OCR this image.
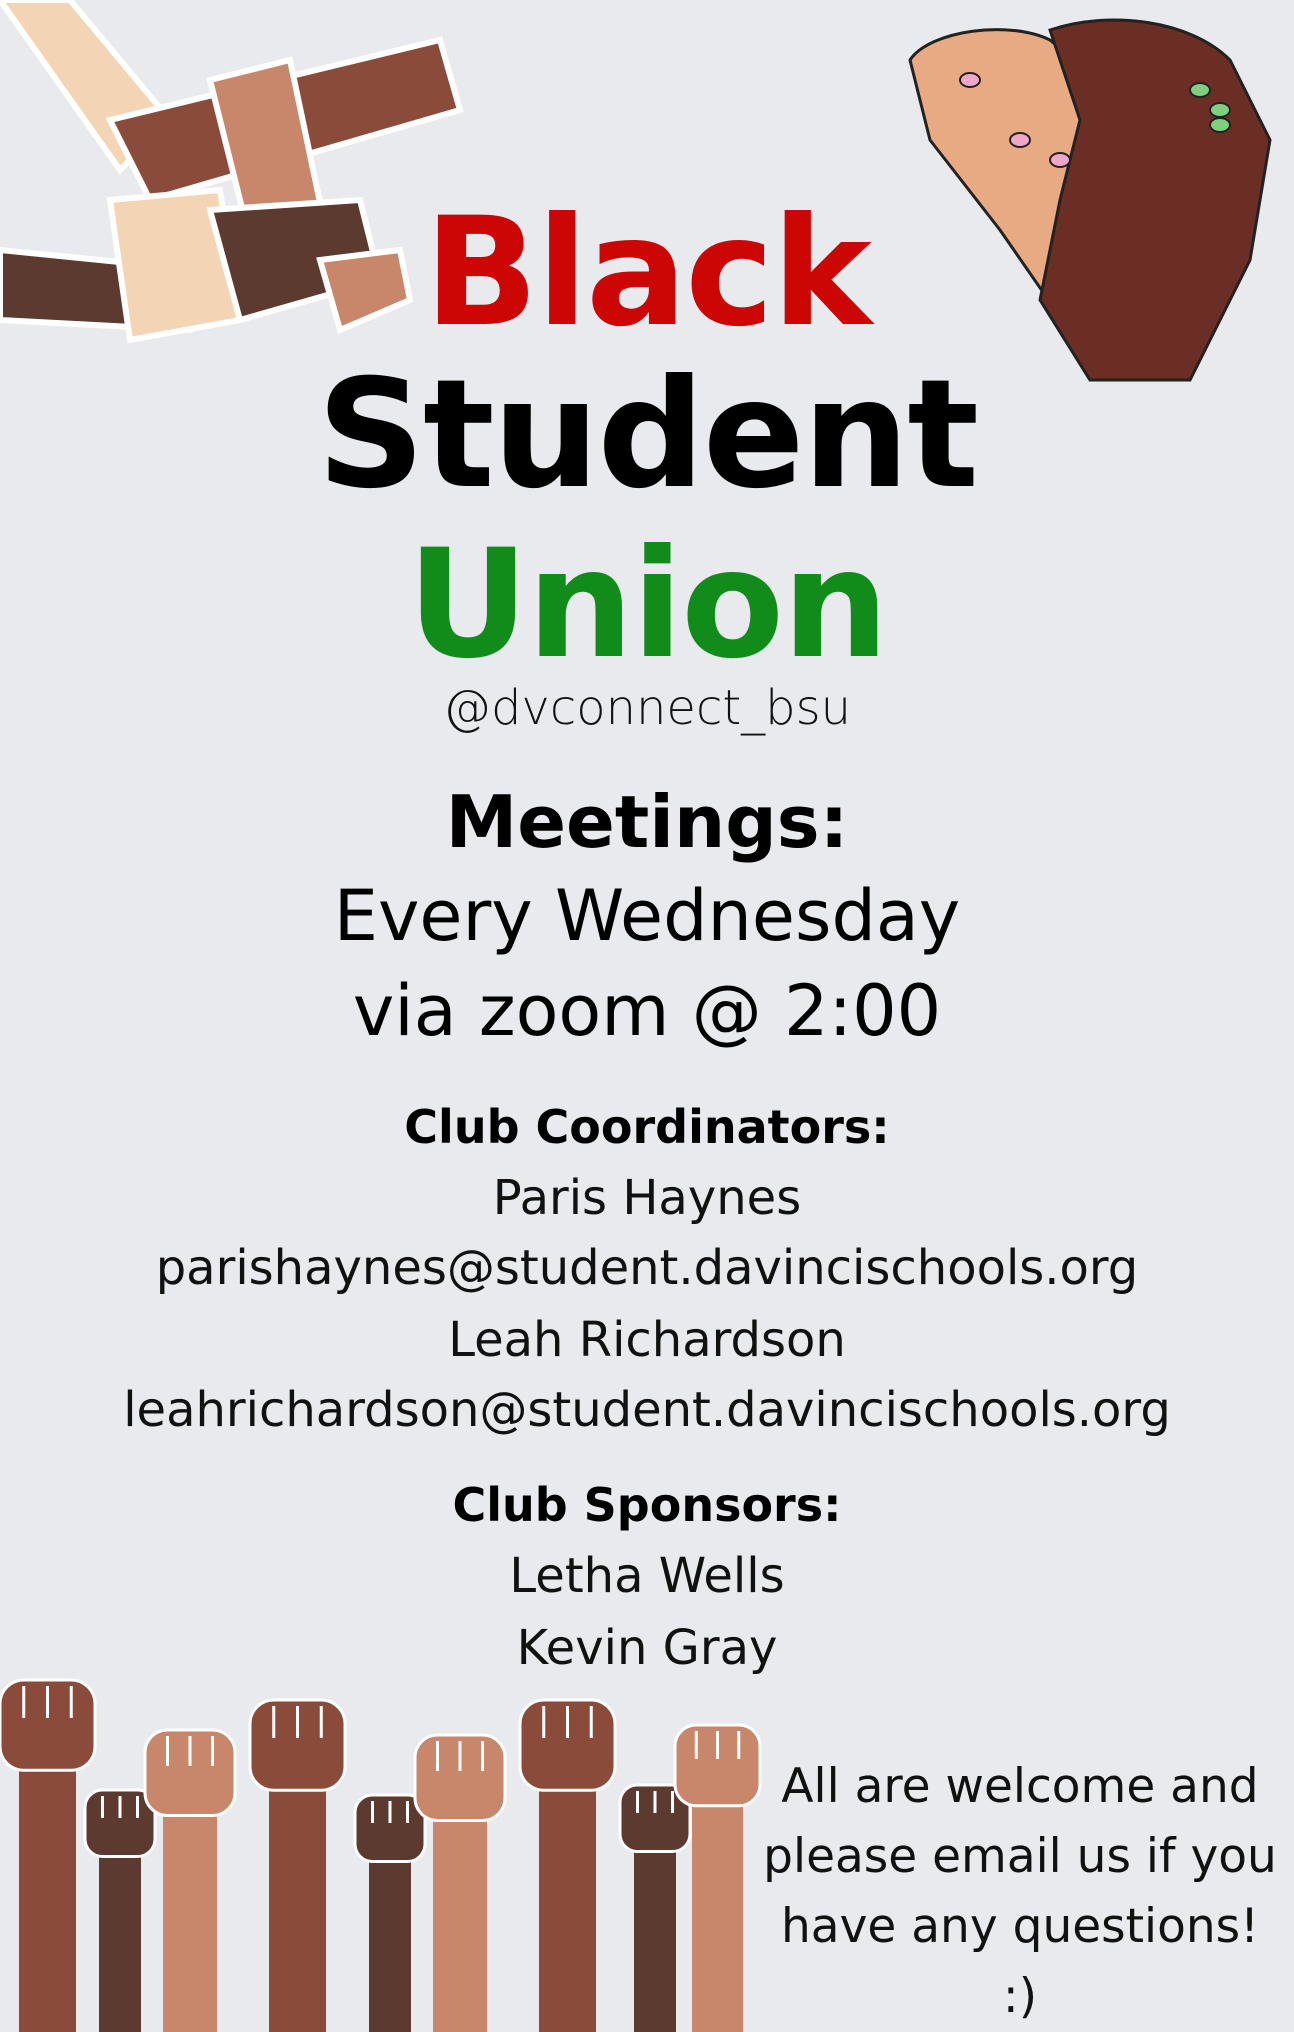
Black
Student
Union
@dvconnect_bsu
Meetings:
Every Wednesday
via zoom @ 2:00
Club Coordinators:
Paris Haynes
parishaynes@student.davincischools.org
Leah Richardson
leahrichardson@student.davincischools.org
Club Sponsors:
Letha Wells
Kevin Gray
All are welcome and
please email us if you
have any questions! :)
